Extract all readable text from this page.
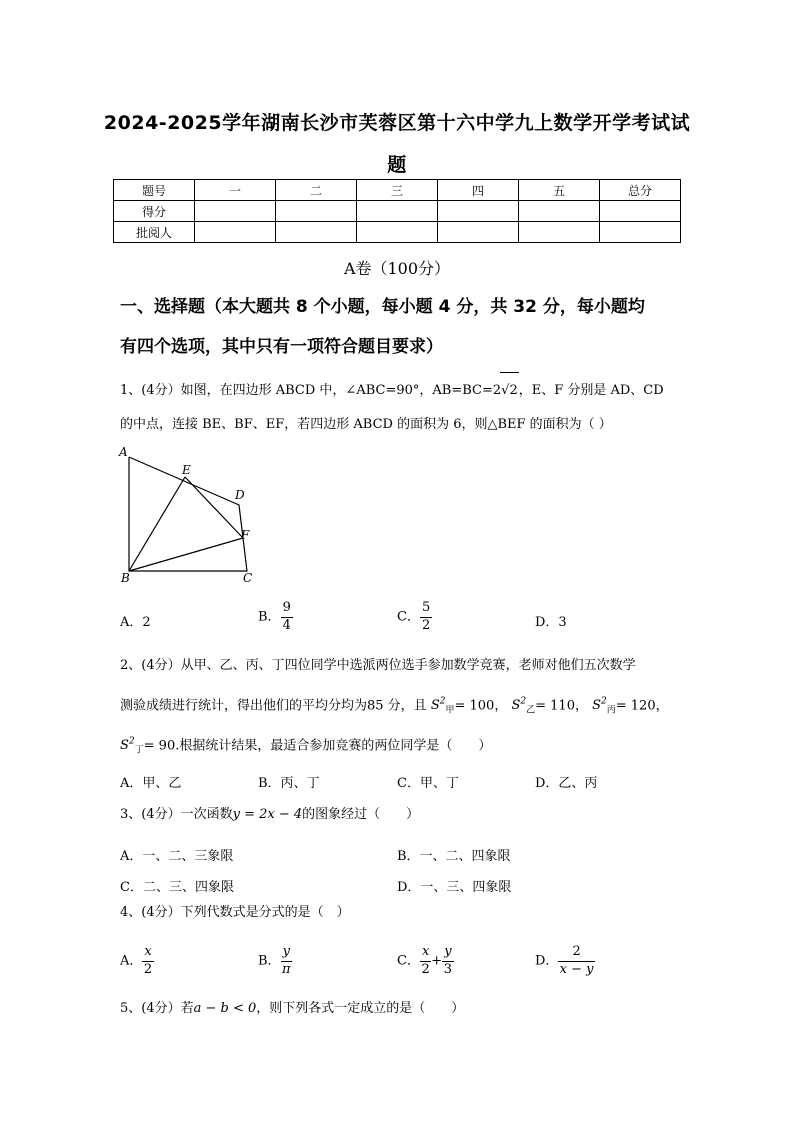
2024-2025学年湖南长沙市芙蓉区第十六中学九上数学开学考试试
题
题号	一	二	三	四	五	总分
得分						
批阅人						
A卷（100分）
一、选择题（本大题共 8 个小题，每小题 4 分，共 32 分，每小题均
有四个选项，其中只有一项符合题目要求）
1、(4分）如图，在四边形 ABCD 中，∠ABC=90°，AB=BC=2√2，E、F 分别是 AD、CD
的中点，连接 BE、BF、EF，若四边形 ABCD 的面积为 6，则△BEF 的面积为（ ）
A
E
D
F
B	C
A．2	B． $\frac{9}{4}$	C． $\frac{5}{2}$	D．3
2、(4分）从甲、乙、丙、丁四位同学中选派两位选手参加数学竞赛，老师对他们五次数学
测验成绩进行统计，得出他们的平均分均为85 分，且 $S^2_甲= 100$， $S^2_乙= 110$， $S^2_丙= 120$，
$S^2_丁= 90$.根据统计结果，最适合参加竞赛的两位同学是（　　）
A．甲、乙	B．丙、丁	C．甲、丁	D．乙、丙
3、(4分）一次函数y = 2x − 4的图象经过（　　）
A．一、二、三象限	B．一、二、四象限
C．二、三、四象限	D．一、三、四象限
4、(4分）下列代数式是分式的是（　）
A． $\frac{x}{2}$	B． $\frac{y}{\pi}$	C． $\frac{x}{2} + \frac{y}{3}$	D． $\frac{2}{x - y}$
5、(4分）若a − b < 0，则下列各式一定成立的是（　　）
